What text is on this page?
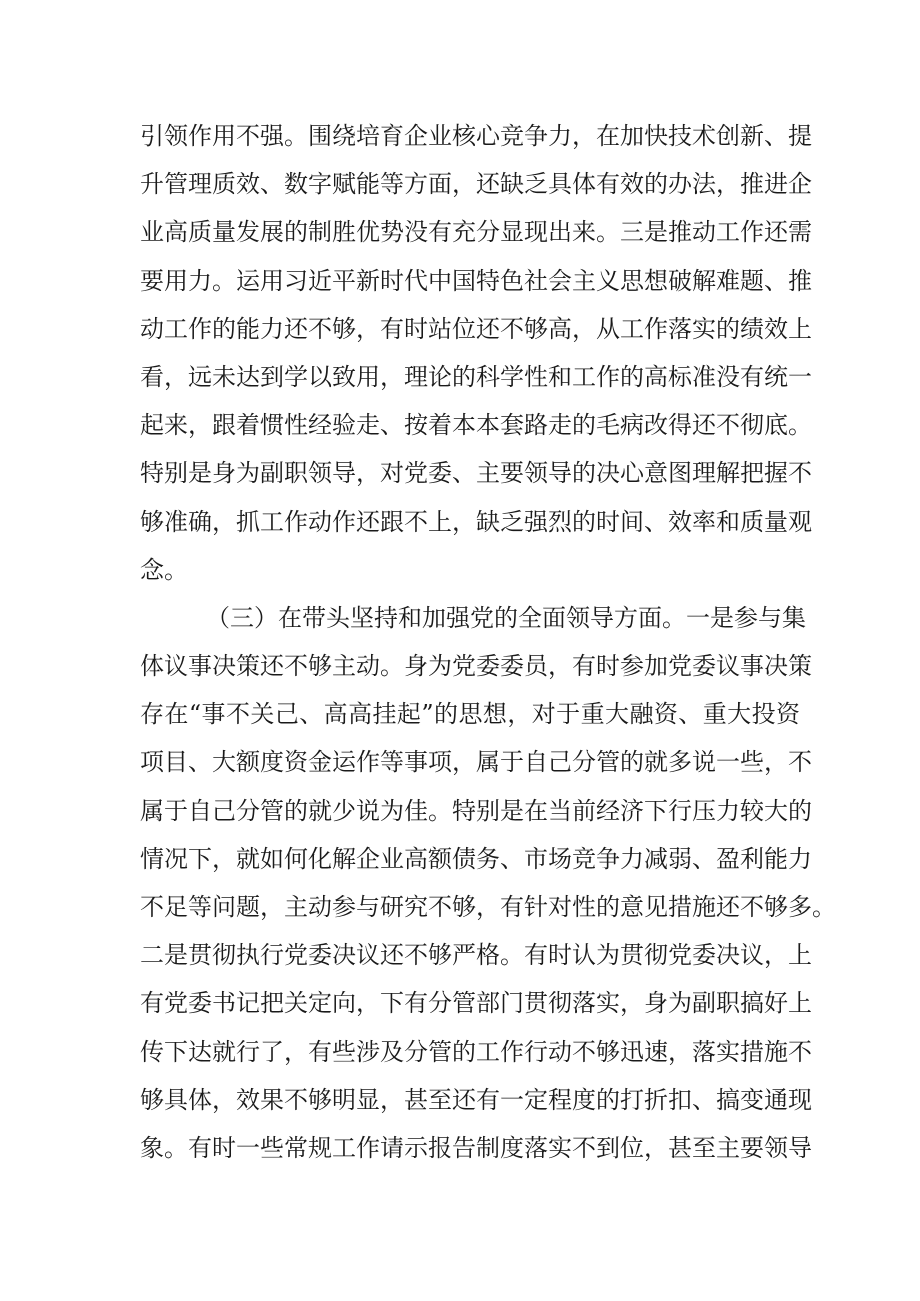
引领作用不强。围绕培育企业核心竞争力，在加快技术创新、提
升管理质效、数字赋能等方面，还缺乏具体有效的办法，推进企
业高质量发展的制胜优势没有充分显现出来。三是推动工作还需
要用力。运用习近平新时代中国特色社会主义思想破解难题、推
动工作的能力还不够，有时站位还不够高，从工作落实的绩效上
看，远未达到学以致用，理论的科学性和工作的高标准没有统一
起来，跟着惯性经验走、按着本本套路走的毛病改得还不彻底。
特别是身为副职领导，对党委、主要领导的决心意图理解把握不
够准确，抓工作动作还跟不上，缺乏强烈的时间、效率和质量观
念。
（三）在带头坚持和加强党的全面领导方面。一是参与集
体议事决策还不够主动。身为党委委员，有时参加党委议事决策
存在“事不关己、高高挂起”的思想，对于重大融资、重大投资
项目、大额度资金运作等事项，属于自己分管的就多说一些，不
属于自己分管的就少说为佳。特别是在当前经济下行压力较大的
情况下，就如何化解企业高额债务、市场竞争力减弱、盈利能力
不足等问题，主动参与研究不够，有针对性的意见措施还不够多。
二是贯彻执行党委决议还不够严格。有时认为贯彻党委决议，上
有党委书记把关定向，下有分管部门贯彻落实，身为副职搞好上
传下达就行了，有些涉及分管的工作行动不够迅速，落实措施不
够具体，效果不够明显，甚至还有一定程度的打折扣、搞变通现
象。有时一些常规工作请示报告制度落实不到位，甚至主要领导
